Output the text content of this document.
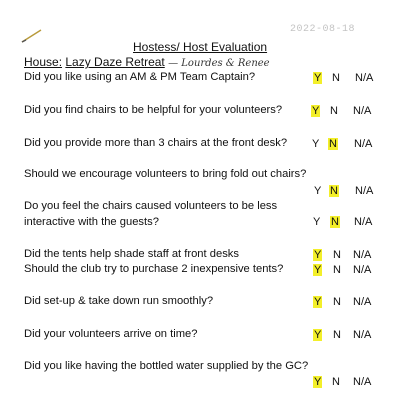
2022-08-18
Hostess/ Host Evaluation
House: Lazy Daze Retreat — Lourdes & Renee
Did you like using an AM & PM Team Captain?	Y N N/A
Did you find chairs to be helpful for your volunteers?	Y N N/A
Did you provide more than 3 chairs at the front desk? Y N N/A
Should we encourage volunteers to bring fold out chairs?
Y N N/A
Do you feel the chairs caused volunteers to be less
interactive with the guests?	Y N N/A
Did the tents help shade staff at front desks	Y N N/A
Should the club try to purchase 2 inexpensive tents?	Y N N/A
Did set-up & take down run smoothly?	Y N N/A
Did your volunteers arrive on time?	Y N N/A
Did you like having the bottled water supplied by the GC?
Y N N/A
